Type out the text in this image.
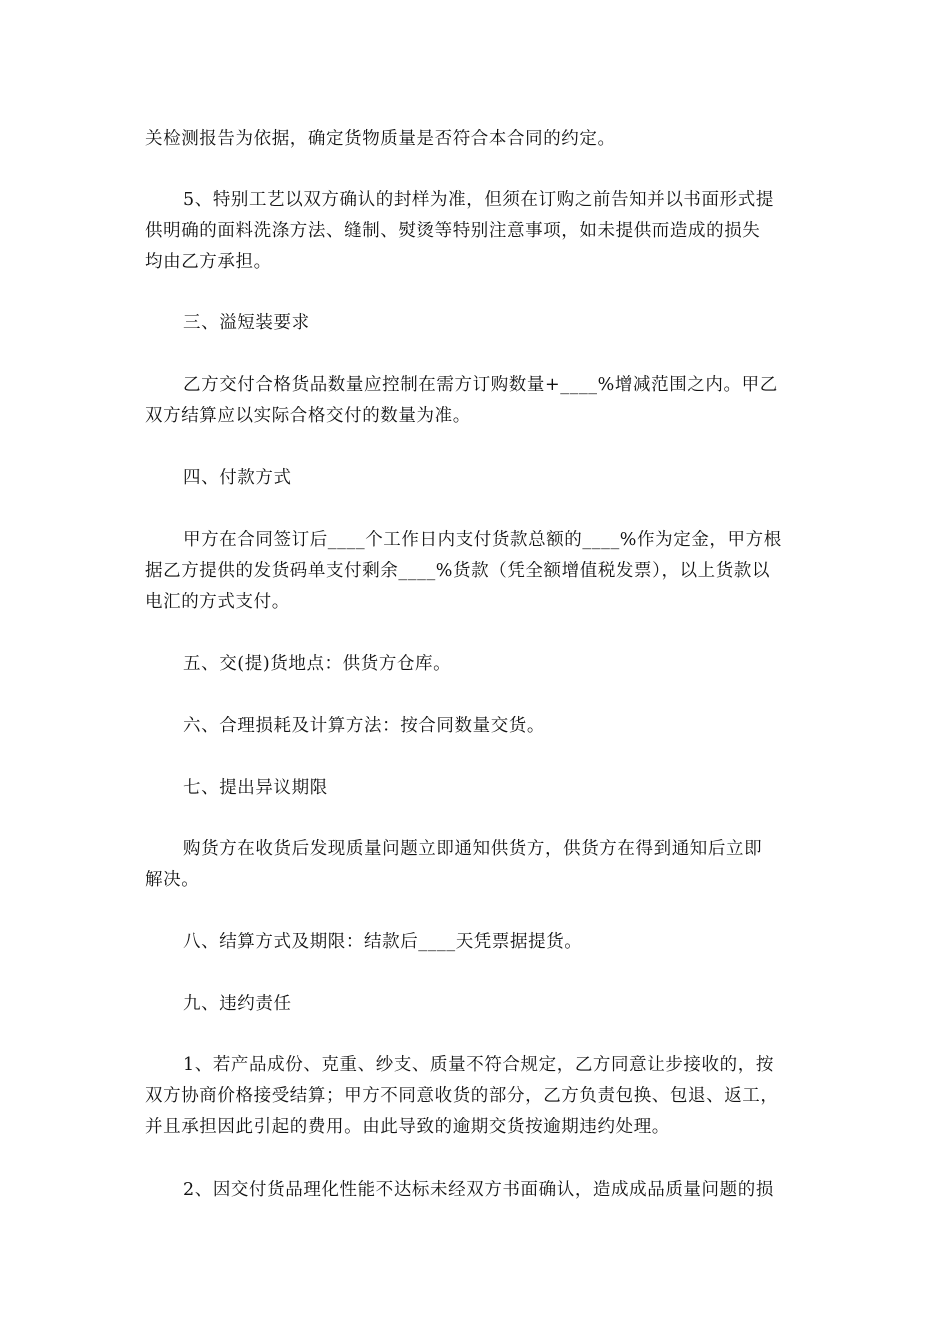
关检测报告为依据，确定货物质量是否符合本合同的约定。

5、特别工艺以双方确认的封样为准，但须在订购之前告知并以书面形式提
供明确的面料洗涤方法、缝制、熨烫等特别注意事项，如未提供而造成的损失
均由乙方承担。

三、溢短装要求

乙方交付合格货品数量应控制在需方订购数量+____%增减范围之内。甲乙
双方结算应以实际合格交付的数量为准。

四、付款方式

甲方在合同签订后____个工作日内支付货款总额的____%作为定金，甲方根
据乙方提供的发货码单支付剩余____%货款（凭全额增值税发票），以上货款以
电汇的方式支付。

五、交(提)货地点：供货方仓库。

六、合理损耗及计算方法：按合同数量交货。

七、提出异议期限

购货方在收货后发现质量问题立即通知供货方，供货方在得到通知后立即
解决。

八、结算方式及期限：结款后____天凭票据提货。

九、违约责任

1、若产品成份、克重、纱支、质量不符合规定，乙方同意让步接收的，按
双方协商价格接受结算；甲方不同意收货的部分，乙方负责包换、包退、返工，
并且承担因此引起的费用。由此导致的逾期交货按逾期违约处理。

2、因交付货品理化性能不达标未经双方书面确认，造成成品质量问题的损
